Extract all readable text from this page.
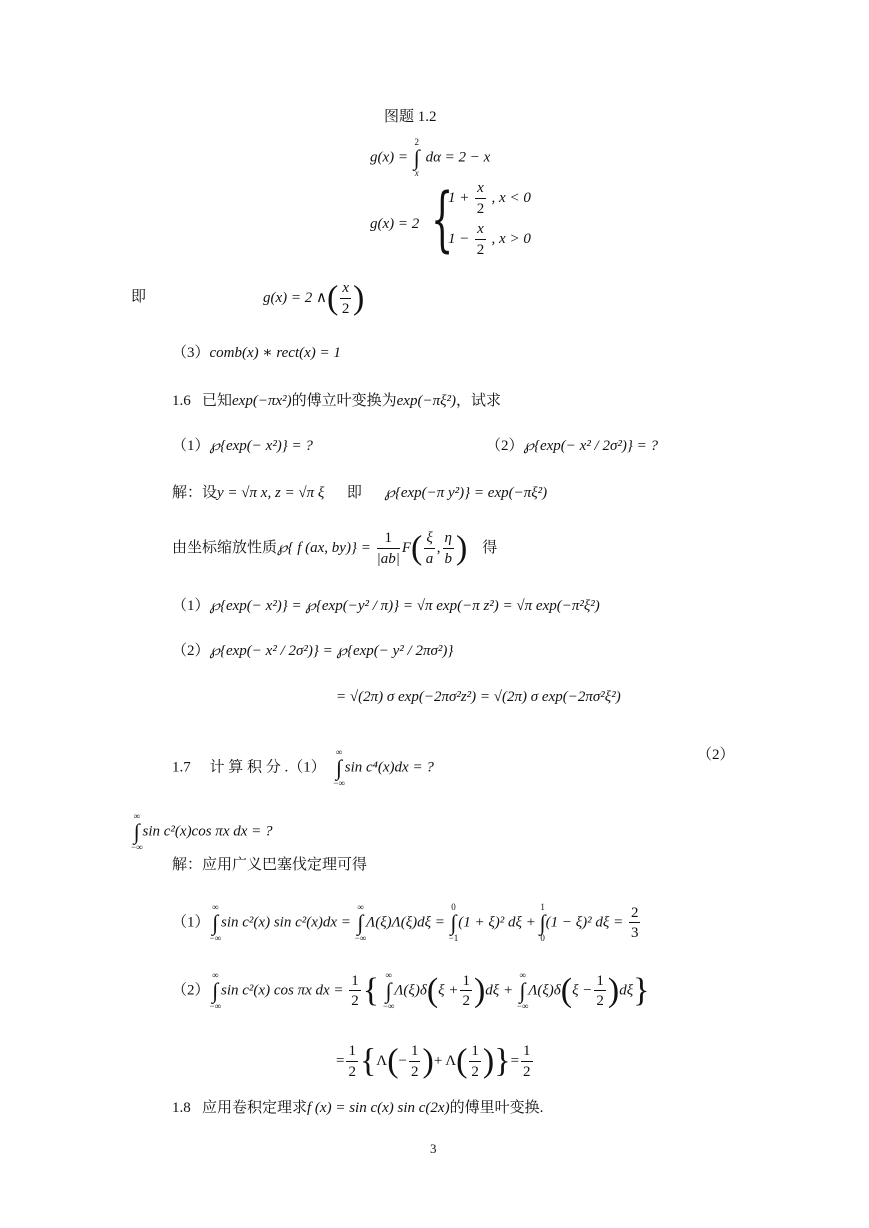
图题 1.2
g(x) =
2
∫
x
dα = 2 − x
g(x) = 2 {
$1 + \frac{x}{2}$ , x < 0
$1 - \frac{x}{2}$ , x > 0
即	g(x) = 2 ∧( $\frac{x}{2}$ )
（3）comb(x) ∗ rect(x) = 1
1.6 已知exp(−πx²)的傅立叶变换为exp(−πξ²)，试求
（1）℘{exp(− x²)} = ?	（2）℘{exp(− x² / 2σ²)} = ?
解：设y = √π x, z = √π ξ 即 ℘{exp(−π y²)} = exp(−πξ²)
由坐标缩放性质℘{ f (ax, $by)\} = \frac{1}{|ab|} F( \frac{\xi}{a}$ , $\frac{\eta}{b}$ ) 得
（1）℘{exp(− x²)} = ℘{exp(−y² / π)} = √π exp(−π z²) = √π exp(−π²ξ²)
（2）℘{exp(− x² / 2σ²)} = ℘{exp(− y² / 2πσ²)}
= √(2π) σ exp(−2πσ²z²) = √(2π) σ exp(−2πσ²ξ²)
1.7 计 算 积 分 .（1）
∞
∫
−∞
sin c⁴(x)dx = ?
（2）
∞
∫
−∞
sin c²(x)cos πx dx = ?
解：应用广义巴塞伐定理可得
（1）
∞
∫
−∞
sin c²(x) sin c²(x)dx =
∞
∫
−∞
Λ(ξ)Λ(ξ)dξ =
0
∫
−1
(1 + ξ)² dξ +
1
∫
0
(1 − ξ)² $d\xi = \frac{2}{3}$
（2）
∞
∫
−∞
sin c²(x) cos πx dx = $\frac{1}{2}$ { ∞
∫
−∞
$\Lambda(\xi)\delta(\xi + \frac{1}{2} )d\xi$ +
∞
∫
−∞
$\Lambda(\xi)\delta(\xi - \frac{1}{2} )d\xi$}
= $\frac{1}{2} \{\Lambda(- \frac{1}{2}$ )+ $\Lambda( \frac{1}{2}$ )}= $\frac{1}{2}$
1.8 应用卷积定理求f (x) = sin c(x) sin c(2x)的傅里叶变换.
3
